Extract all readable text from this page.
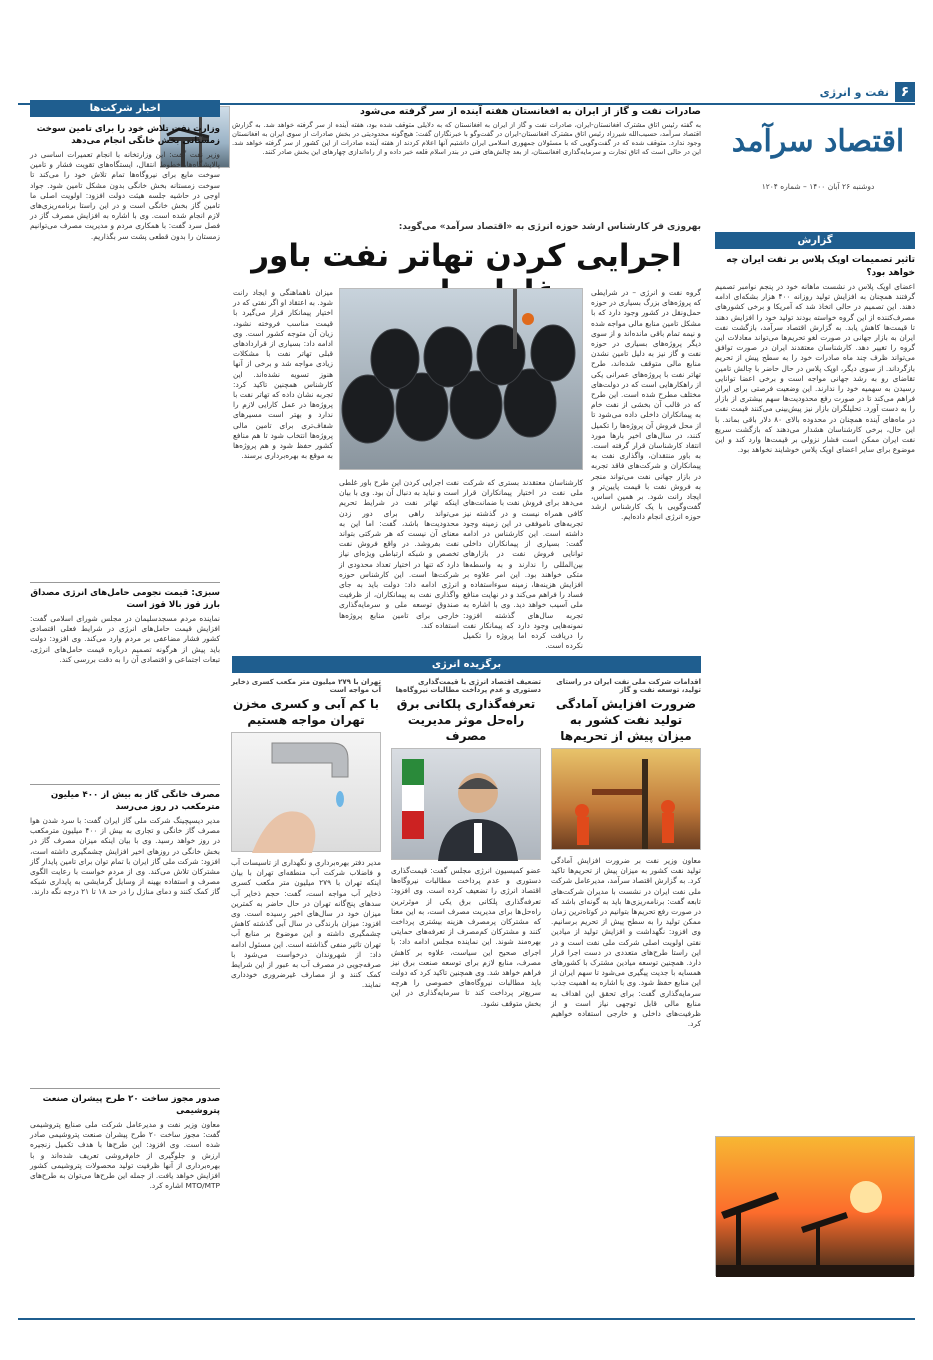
۶
نفت و انرژی
اقتصاد سرآمد
دوشنبه ۲۶ آبان ۱۴۰۰ – شماره ۱۲۰۴
صادرات نفت و گاز از ایران به افغانستان هفته آینده از سر گرفته می‌شود
به گفته رئیس اتاق مشترک افغانستان-ایران، صادرات نفت و گاز از ایران به افغانستان که به دلایلی متوقف شده بود، هفته آینده از سر گرفته خواهد شد. به گزارش اقتصاد سرآمد، حسیب‌الله شیرزاد رئیس اتاق مشترک افغانستان-ایران در گفت‌وگو با خبرنگاران گفت: هیچ‌گونه محدودیتی در بخش صادرات از سوی ایران به افغانستان وجود ندارد. متوقف شده که در گفت‌وگویی که با مسئولان جمهوری اسلامی ایران داشتیم آنها اعلام کردند از هفته آینده صادرات از این کشور از سر گرفته خواهد شد. این در حالی است که اتاق تجارت و سرمایه‌گذاری افغانستان، از بعد چالش‌های فنی در بندر اسلام قلعه خبر داده و از راه‌اندازی چهارهای این بخش صادر کنند.
اخبار شرکت‌ها
وزارت نفت تلاش خود را برای تامین سوخت زمستانی بخش خانگی انجام می‌دهد
وزیر نفت گفت: این وزارتخانه با انجام تعمیرات اساسی در پالایشگاه‌ها، خطوط انتقال، ایستگاه‌های تقویت فشار و تامین سوخت مایع برای نیروگاه‌ها تمام تلاش خود را می‌کند تا سوخت زمستانه بخش خانگی بدون مشکل تامین شود. جواد اوجی در حاشیه جلسه هیئت دولت افزود: اولویت اصلی ما تامین گاز بخش خانگی است و در این راستا برنامه‌ریزی‌های لازم انجام شده است. وی با اشاره به افزایش مصرف گاز در فصل سرد گفت: با همکاری مردم و مدیریت مصرف می‌توانیم زمستان را بدون قطعی پشت سر بگذاریم.
سبزی: قیمت نجومی حامل‌های انرژی مصداق بارز قوز بالا قوز است
نماینده مردم مسجدسلیمان در مجلس شورای اسلامی گفت: افزایش قیمت حامل‌های انرژی در شرایط فعلی اقتصادی کشور فشار مضاعفی بر مردم وارد می‌کند. وی افزود: دولت باید پیش از هرگونه تصمیم درباره قیمت حامل‌های انرژی، تبعات اجتماعی و اقتصادی آن را به دقت بررسی کند.
مصرف خانگی گاز به بیش از ۴۰۰ میلیون مترمکعب در روز می‌رسد
مدیر دیسپچینگ شرکت ملی گاز ایران گفت: با سرد شدن هوا مصرف گاز خانگی و تجاری به بیش از ۴۰۰ میلیون مترمکعب در روز خواهد رسید. وی با بیان اینکه میزان مصرف گاز در بخش خانگی در روزهای اخیر افزایش چشمگیری داشته است، افزود: شرکت ملی گاز ایران با تمام توان برای تامین پایدار گاز مشترکان تلاش می‌کند. وی از مردم خواست با رعایت الگوی مصرف و استفاده بهینه از وسایل گرمایشی به پایداری شبکه گاز کمک کنند و دمای منازل را در حد ۱۸ تا ۲۱ درجه نگه دارند.
صدور مجوز ساخت ۲۰ طرح پیشران صنعت پتروشیمی
معاون وزیر نفت و مدیرعامل شرکت ملی صنایع پتروشیمی گفت: مجوز ساخت ۲۰ طرح پیشران صنعت پتروشیمی صادر شده است. وی افزود: این طرح‌ها با هدف تکمیل زنجیره ارزش و جلوگیری از خام‌فروشی تعریف شده‌اند و با بهره‌برداری از آنها ظرفیت تولید محصولات پتروشیمی کشور افزایش خواهد یافت. از جمله این طرح‌ها می‌توان به طرح‌های MTO/MTP اشاره کرد.
گزارش
تاثیر تصمیمات اوپک پلاس بر نفت ایران چه خواهد بود؟
اعضای اوپک پلاس در نشست ماهانه خود در پنجم نوامبر تصمیم گرفتند همچنان به افزایش تولید روزانه ۴۰۰ هزار بشکه‌ای ادامه دهند. این تصمیم در حالی اتخاذ شد که آمریکا و برخی کشورهای مصرف‌کننده از این گروه خواسته بودند تولید خود را افزایش دهند تا قیمت‌ها کاهش یابد. به گزارش اقتصاد سرآمد، بازگشت نفت ایران به بازار جهانی در صورت لغو تحریم‌ها می‌تواند معادلات این گروه را تغییر دهد. کارشناسان معتقدند ایران در صورت توافق می‌تواند ظرف چند ماه صادرات خود را به سطح پیش از تحریم بازگرداند. از سوی دیگر، اوپک پلاس در حال حاضر با چالش تامین تقاضای رو به رشد جهانی مواجه است و برخی اعضا توانایی رسیدن به سهمیه خود را ندارند. این وضعیت فرصتی برای ایران فراهم می‌کند تا در صورت رفع محدودیت‌ها سهم بیشتری از بازار را به دست آورد. تحلیلگران بازار نیز پیش‌بینی می‌کنند قیمت نفت در ماه‌های آینده همچنان در محدوده بالای ۸۰ دلار باقی بماند. با این حال، برخی کارشناسان هشدار می‌دهند که بازگشت سریع نفت ایران ممکن است فشار نزولی بر قیمت‌ها وارد کند و این موضوع برای سایر اعضای اوپک پلاس خوشایند نخواهد بود.
بهروزی فر کارشناس ارشد حوزه انرژی به «اقتصاد سرآمد» می‌گوید:
اجرایی کردن تهاتر نفت باور
گروه نفت و انرژی – در شرایطی که پروژه‌های بزرگ بسیاری در حوزه حمل‌ونقل در کشور وجود دارد که با مشکل تامین منابع مالی مواجه شده و نیمه تمام باقی مانده‌اند و از سوی دیگر پروژه‌های بسیاری در حوزه نفت و گاز نیز به دلیل تامین نشدن منابع مالی متوقف شده‌اند، طرح تهاتر نفت با پروژه‌های عمرانی یکی از راهکارهایی است که در دولت‌های مختلف مطرح شده است. این طرح که در قالب آن بخشی از نفت خام به پیمانکاران داخلی داده می‌شود تا از محل فروش آن پروژه‌ها را تکمیل کنند، در سال‌های اخیر بارها مورد انتقاد کارشناسان قرار گرفته است. به باور منتقدان، واگذاری نفت به پیمانکاران و شرکت‌های فاقد تجربه در بازار جهانی نفت می‌تواند منجر به فروش نفت با قیمت پایین‌تر و ایجاد رانت شود. بر همین اساس، گفت‌وگویی با یک کارشناس ارشد حوزه انرژی انجام داده‌ایم.
کارشناسان معتقدند بستری که شرکت ملی نفت در اختیار پیمانکاران قرار می‌دهد برای فروش نفت با ضمانت‌های کافی همراه نیست و در گذشته نیز تجربه‌های ناموفقی در این زمینه وجود داشته است. این کارشناس در ادامه گفت: بسیاری از پیمانکاران داخلی توانایی فروش نفت در بازارهای بین‌المللی را ندارند و به واسطه‌ها متکی خواهند بود. این امر علاوه بر افزایش هزینه‌ها، زمینه سوءاستفاده و فساد را فراهم می‌کند و در نهایت منافع ملی آسیب خواهد دید. وی با اشاره به تجربه سال‌های گذشته افزود: نمونه‌هایی وجود دارد که پیمانکار نفت را دریافت کرده اما پروژه را تکمیل نکرده است.
نفت اجرایی کردن این طرح باور غلطی است و نباید به دنبال آن بود. وی با بیان اینکه تهاتر نفت در شرایط تحریم می‌تواند راهی برای دور زدن محدودیت‌ها باشد، گفت: اما این به معنای آن نیست که هر شرکتی بتواند نفت بفروشد. در واقع فروش نفت تخصص و شبکه ارتباطی ویژه‌ای نیاز دارد که تنها در اختیار تعداد محدودی از شرکت‌ها است. این کارشناس حوزه انرژی ادامه داد: دولت باید به جای واگذاری نفت به پیمانکاران، از ظرفیت صندوق توسعه ملی و سرمایه‌گذاری خارجی برای تامین منابع پروژه‌ها استفاده کند.
میزان ناهماهنگی و ایجاد رانت شود. به اعتقاد او اگر نفتی که در اختیار پیمانکار قرار می‌گیرد با قیمت مناسب فروخته نشود، زیان آن متوجه کشور است. وی ادامه داد: بسیاری از قراردادهای قبلی تهاتر نفت با مشکلات زیادی مواجه شد و برخی از آنها هنوز تسویه نشده‌اند. این کارشناس همچنین تاکید کرد: تجربه نشان داده که تهاتر نفت با پروژه‌ها در عمل کارایی لازم را ندارد و بهتر است مسیرهای شفاف‌تری برای تامین مالی پروژه‌ها انتخاب شود تا هم منافع کشور حفظ شود و هم پروژه‌ها به موقع به بهره‌برداری برسند.
برگزیده انرژی
اقدامات شرکت ملی نفت ایران در راستای تولید، توسعه نفت و گاز
ضرورت افزایش آمادگی تولید نفت کشور به میزان پیش از تحریم‌ها
معاون وزیر نفت بر ضرورت افزایش آمادگی تولید نفت کشور به میزان پیش از تحریم‌ها تاکید کرد. به گزارش اقتصاد سرآمد، مدیرعامل شرکت ملی نفت ایران در نشست با مدیران شرکت‌های تابعه گفت: برنامه‌ریزی‌ها باید به گونه‌ای باشد که در صورت رفع تحریم‌ها بتوانیم در کوتاه‌ترین زمان ممکن تولید را به سطح پیش از تحریم برسانیم. وی افزود: نگهداشت و افزایش تولید از میادین نفتی اولویت اصلی شرکت ملی نفت است و در این راستا طرح‌های متعددی در دست اجرا قرار دارد. همچنین توسعه میادین مشترک با کشورهای همسایه با جدیت پیگیری می‌شود تا سهم ایران از این منابع حفظ شود. وی با اشاره به اهمیت جذب سرمایه‌گذاری گفت: برای تحقق این اهداف به منابع مالی قابل توجهی نیاز است و از ظرفیت‌های داخلی و خارجی استفاده خواهیم کرد.
تضعیف اقتصاد انرژی با قیمت‌گذاری دستوری و عدم پرداخت مطالبات نیروگاه‌ها
تعرفه‌گذاری پلکانی برق راه‌حل موثر مدیریت مصرف
عضو کمیسیون انرژی مجلس گفت: قیمت‌گذاری دستوری و عدم پرداخت مطالبات نیروگاه‌ها اقتصاد انرژی را تضعیف کرده است. وی افزود: تعرفه‌گذاری پلکانی برق یکی از موثرترین راه‌حل‌ها برای مدیریت مصرف است، به این معنا که مشترکان پرمصرف هزینه بیشتری پرداخت کنند و مشترکان کم‌مصرف از تعرفه‌های حمایتی بهره‌مند شوند. این نماینده مجلس ادامه داد: با اجرای صحیح این سیاست، علاوه بر کاهش مصرف، منابع لازم برای توسعه صنعت برق نیز فراهم خواهد شد. وی همچنین تاکید کرد که دولت باید مطالبات نیروگاه‌های خصوصی را هرچه سریع‌تر پرداخت کند تا سرمایه‌گذاری در این بخش متوقف نشود.
تهران با ۲۷۹ میلیون متر مکعب کسری ذخایر آب مواجه است
با کم آبی و کسری مخزن تهران مواجه هستیم
مدیر دفتر بهره‌برداری و نگهداری از تاسیسات آب و فاضلاب شرکت آب منطقه‌ای تهران با بیان اینکه تهران با ۲۷۹ میلیون متر مکعب کسری ذخایر آب مواجه است، گفت: حجم ذخایر آب سدهای پنج‌گانه تهران در حال حاضر به کمترین میزان خود در سال‌های اخیر رسیده است. وی افزود: میزان بارندگی در سال آبی گذشته کاهش چشمگیری داشته و این موضوع بر منابع آب تهران تاثیر منفی گذاشته است. این مسئول ادامه داد: از شهروندان درخواست می‌شود با صرفه‌جویی در مصرف آب به عبور از این شرایط کمک کنند و از مصارف غیرضروری خودداری نمایند.
